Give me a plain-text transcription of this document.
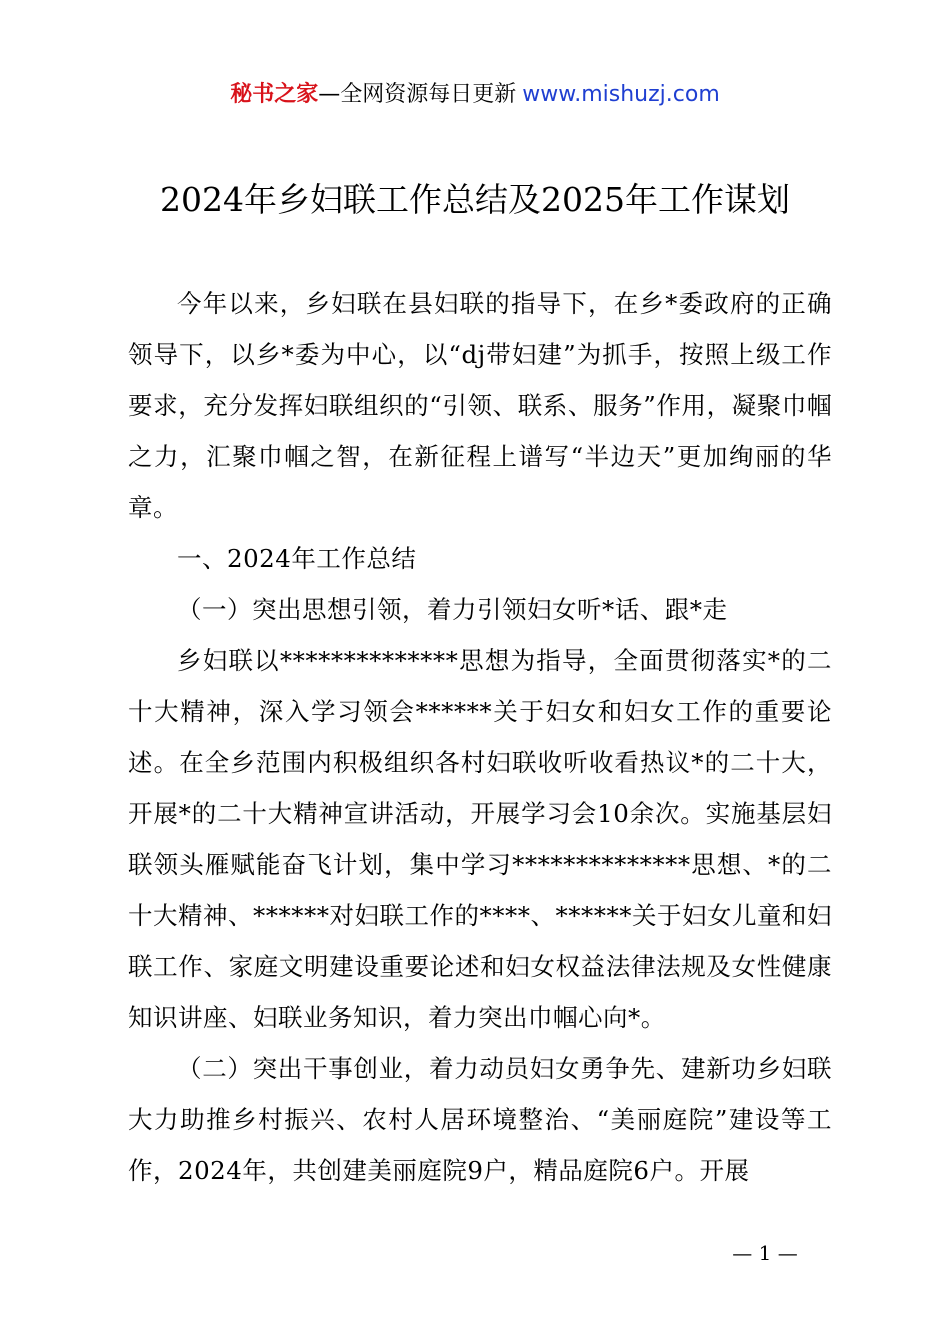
秘书之家—全网资源每日更新 www.mishuzj.com
2024年乡妇联工作总结及2025年工作谋划

今年以来，乡妇联在县妇联的指导下，在乡*委政府的正确领导下，以乡*委为中心，以“dj带妇建”为抓手，按照上级工作要求，充分发挥妇联组织的“引领、联系、服务”作用，凝聚巾帼之力，汇聚巾帼之智，在新征程上谱写“半边天”更加绚丽的华章。

一、2024年工作总结

（一）突出思想引领，着力引领妇女听*话、跟*走

乡妇联以**************思想为指导，全面贯彻落实*的二十大精神，深入学习领会******关于妇女和妇女工作的重要论述。在全乡范围内积极组织各村妇联收听收看热议*的二十大，开展*的二十大精神宣讲活动，开展学习会10余次。实施基层妇联领头雁赋能奋飞计划，集中学习**************思想、*的二十大精神、******对妇联工作的****、******关于妇女儿童和妇联工作、家庭文明建设重要论述和妇女权益法律法规及女性健康知识讲座、妇联业务知识，着力突出巾帼心向*。

（二）突出干事创业，着力动员妇女勇争先、建新功乡妇联大力助推乡村振兴、农村人居环境整治、“美丽庭院”建设等工作，2024年，共创建美丽庭院9户，精品庭院6户。开展

— 1 —
